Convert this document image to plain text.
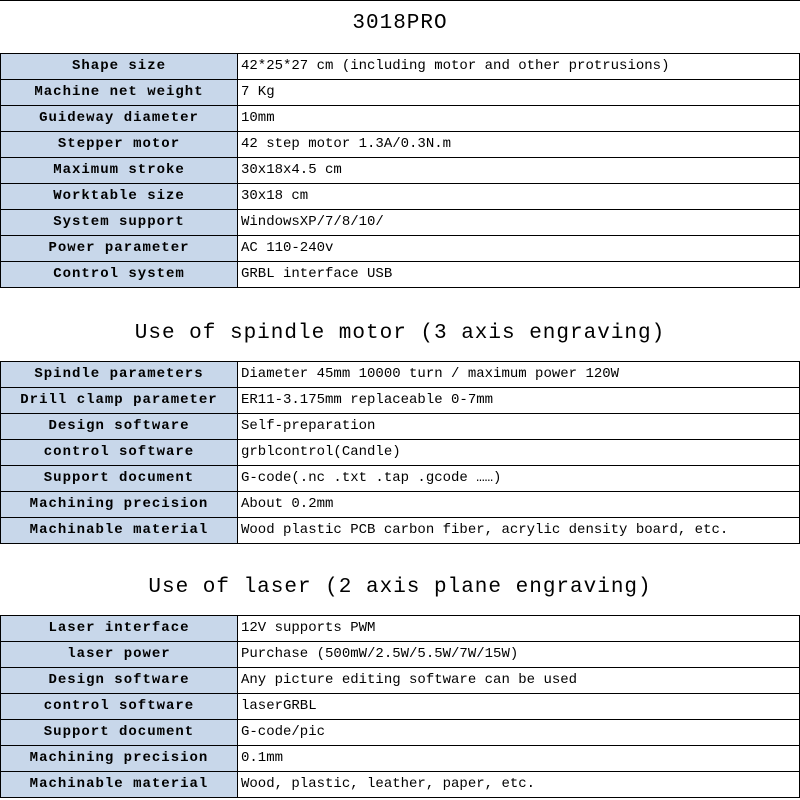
3018PRO
Shape size	42*25*27 cm (including motor and other protrusions)
Machine net weight	7 Kg
Guideway diameter	10mm
Stepper motor	42 step motor 1.3A/0.3N.m
Maximum stroke	30x18x4.5 cm
Worktable size	30x18 cm
System support	WindowsXP/7/8/10/
Power parameter	AC 110-240v
Control system	GRBL interface USB
Use of spindle motor (3 axis engraving)
Spindle parameters	Diameter 45mm 10000 turn / maximum power 120W
Drill clamp parameter	ER11-3.175mm replaceable 0-7mm
Design software	Self-preparation
control software	grblcontrol(Candle)
Support document	G-code(.nc .txt .tap .gcode ……)
Machining precision	About 0.2mm
Machinable material	Wood plastic PCB carbon fiber, acrylic density board, etc.
Use of laser (2 axis plane engraving)
Laser interface	12V supports PWM
laser power	Purchase (500mW/2.5W/5.5W/7W/15W)
Design software	Any picture editing software can be used
control software	laserGRBL
Support document	G-code/pic
Machining precision	0.1mm
Machinable material	Wood, plastic, leather, paper, etc.
